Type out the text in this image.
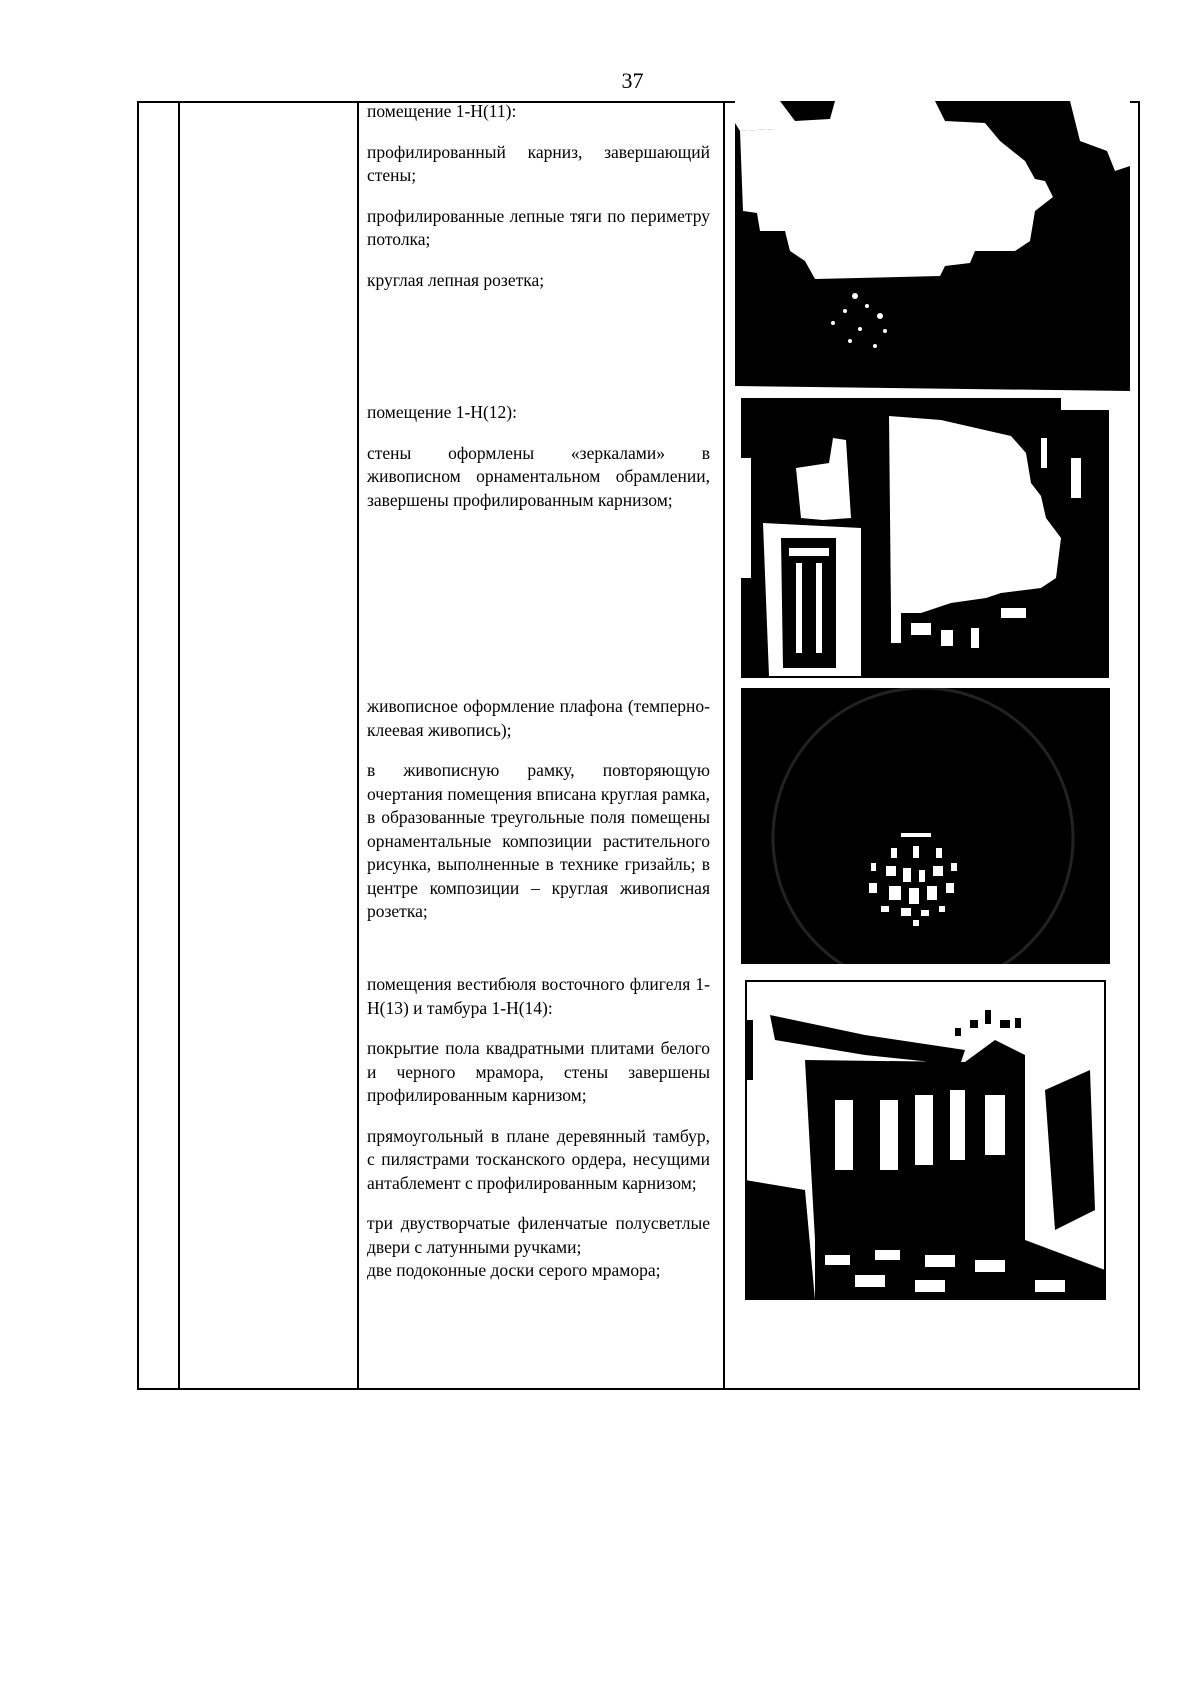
37

помещение 1-Н(11):

профилированный карниз, завершающий стены;

профилированные лепные тяги по периметру потолка;

круглая лепная розетка;

помещение 1-Н(12):

стены оформлены «зеркалами» в живописном орнаментальном обрамлении, завершены профилированным карнизом;

живописное оформление плафона (темперно-клеевая живопись);

в живописную рамку, повторяющую очертания помещения вписана круглая рамка, в образованные треугольные поля помещены орнаментальные композиции растительного рисунка, выполненные в технике гризайль; в центре композиции – круглая живописная розетка;

помещения вестибюля восточного флигеля 1-Н(13) и тамбура 1-Н(14):

покрытие пола квадратными плитами белого и черного мрамора, стены завершены профилированным карнизом;

прямоугольный в плане деревянный тамбур, с пилястрами тосканского ордера, несущими антаблемент с профилированным карнизом;

три двустворчатые филенчатые полусветлые двери с латунными ручками;

две подоконные доски серого мрамора;
